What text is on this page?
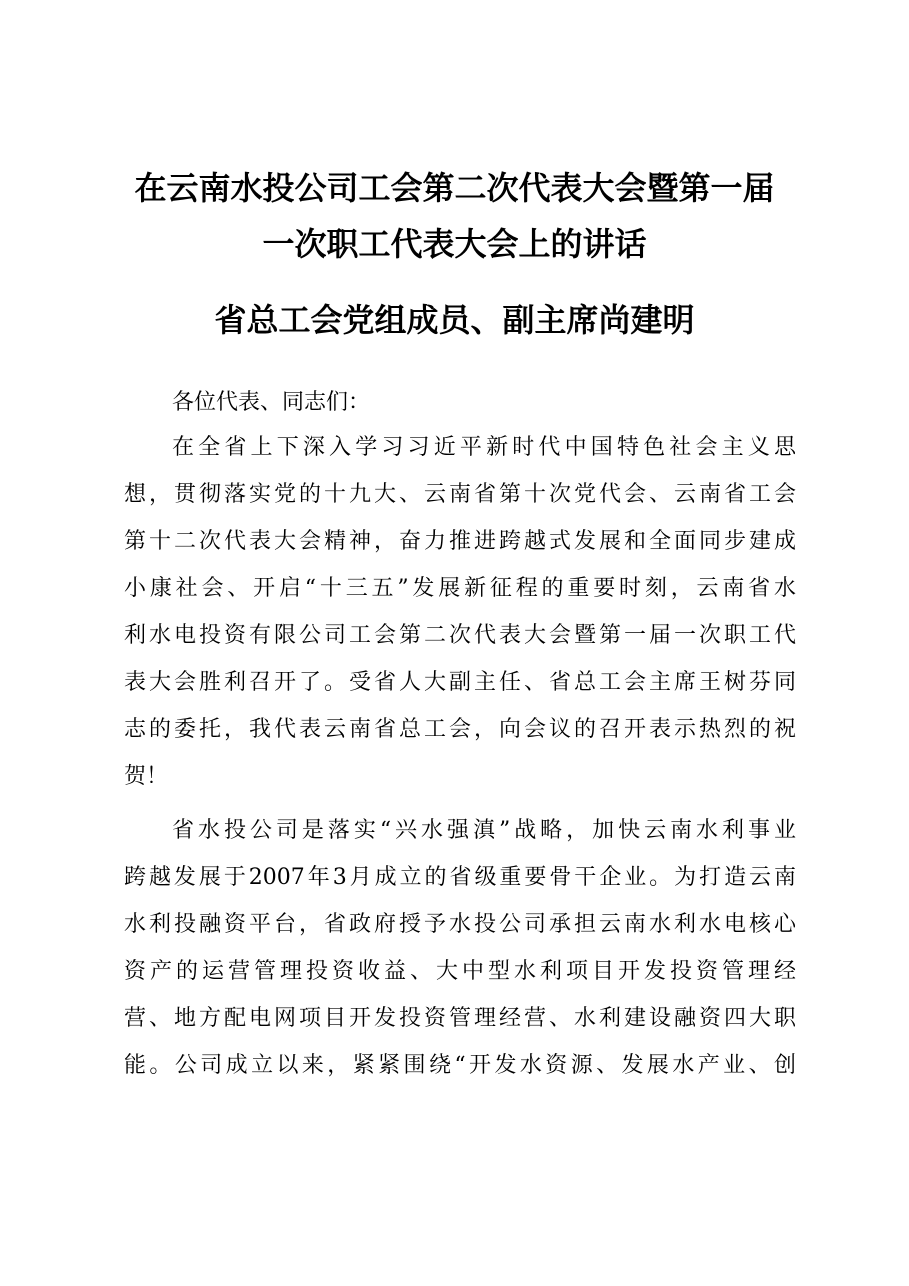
在云南水投公司工会第二次代表大会暨第一届
一次职工代表大会上的讲话
省总工会党组成员、副主席尚建明
各位代表、同志们：
在全省上下深入学习习近平新时代中国特色社会主义思
想，贯彻落实党的十九大、云南省第十次党代会、云南省工会
第十二次代表大会精神，奋力推进跨越式发展和全面同步建成
小康社会、开启“十三五”发展新征程的重要时刻，云南省水
利水电投资有限公司工会第二次代表大会暨第一届一次职工代
表大会胜利召开了。受省人大副主任、省总工会主席王树芬同
志的委托，我代表云南省总工会，向会议的召开表示热烈的祝
贺！
省水投公司是落实“兴水强滇”战略，加快云南水利事业
跨越发展于2007年3月成立的省级重要骨干企业。为打造云南
水利投融资平台，省政府授予水投公司承担云南水利水电核心
资产的运营管理投资收益、大中型水利项目开发投资管理经
营、地方配电网项目开发投资管理经营、水利建设融资四大职
能。公司成立以来，紧紧围绕“开发水资源、发展水产业、创
